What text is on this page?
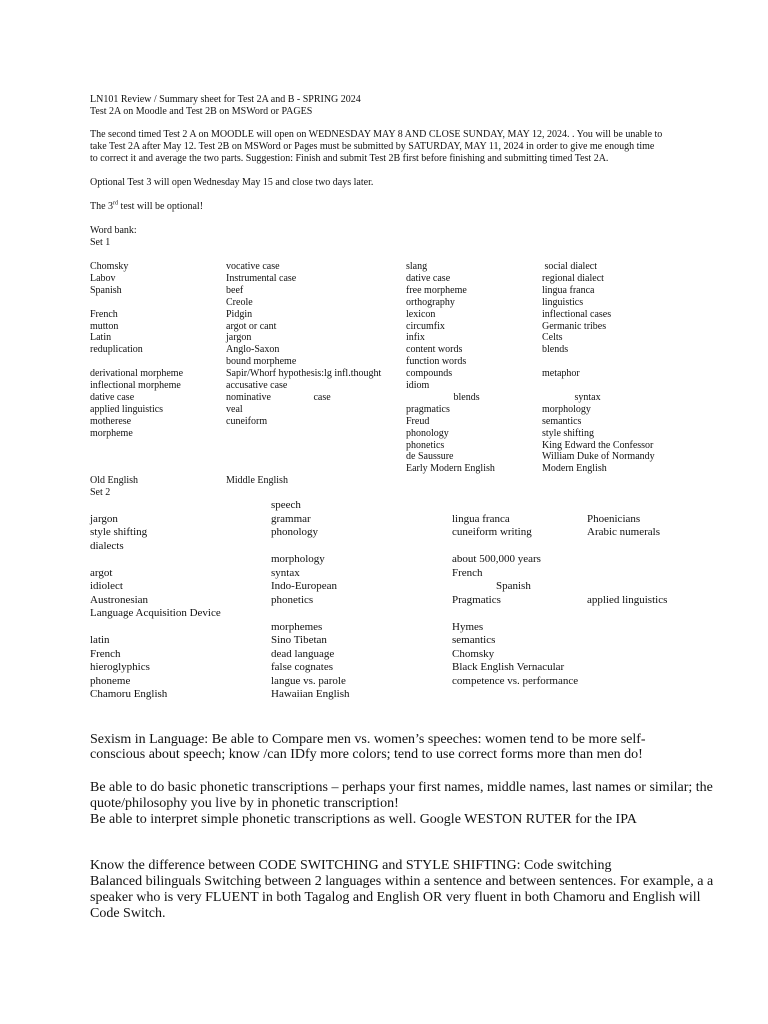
LN101 Review / Summary sheet for Test 2A and B - SPRING 2024
Test 2A on Moodle and Test 2B on MSWord or PAGES
The second timed Test 2 A on MOODLE will open on WEDNESDAY MAY 8 AND CLOSE SUNDAY, MAY 12, 2024. . You will be unable to
take Test 2A after May 12. Test 2B on MSWord or Pages must be submitted by SATURDAY, MAY 11, 2024 in order to give me enough time
to correct it and average the two parts. Suggestion: Finish and submit Test 2B first before finishing and submitting timed Test 2A.
Optional Test 3 will open Wednesday May 15 and close two days later.
The 3rd test will be optional!
Word bank:
Set 1
Chomsky
Labov
Spanish
French
mutton
Latin
reduplication
derivational morpheme
inflectional morpheme
dative case
applied linguistics
motherese
morpheme
Old English
vocative case
Instrumental case
beef
Creole
Pidgin
argot or cant
jargon
Anglo-Saxon
bound morpheme
Sapir/Whorf hypothesis:lg infl.thought
accusative case
nominative                 case
veal
cuneiform
Middle English
slang
dative case
free morpheme
orthography
lexicon
circumfix
infix
content words
function words
compounds
idiom
blends
pragmatics
Freud
phonology
phonetics
de Saussure
Early Modern English
social dialect
regional dialect
lingua franca
linguistics
inflectional cases
Germanic tribes
Celts
blends
metaphor
syntax
morphology
semantics
style shifting
King Edward the Confessor
William Duke of Normandy
Modern English
Set 2
jargon
style shifting
dialects
argot
idiolect
Austronesian
Language Acquisition Device
latin
French
hieroglyphics
phoneme
Chamoru English
speech
grammar
phonology
morphology
syntax
Indo-European
phonetics
morphemes
Sino Tibetan
dead language
false cognates
langue vs. parole
Hawaiian English
lingua franca
cuneiform writing
about 500,000 years
French
Spanish
Pragmatics
Hymes
semantics
Chomsky
Black English Vernacular
competence vs. performance
Phoenicians
Arabic numerals
applied linguistics
Sexism in Language: Be able to Compare men vs. women’s speeches: women tend to be more self-
conscious about speech; know /can IDfy more colors; tend to use correct forms more than men do!
Be able to do basic phonetic transcriptions – perhaps your first names, middle names, last names or similar; the
quote/philosophy you live by in phonetic transcription!
Be able to interpret simple phonetic transcriptions as well. Google WESTON RUTER for the IPA
Know the difference between CODE SWITCHING and STYLE SHIFTING: Code switching
Balanced bilinguals Switching between 2 languages within a sentence and between sentences. For example, a a
speaker who is very FLUENT in both Tagalog and English OR very fluent in both Chamoru and English will
Code Switch.
